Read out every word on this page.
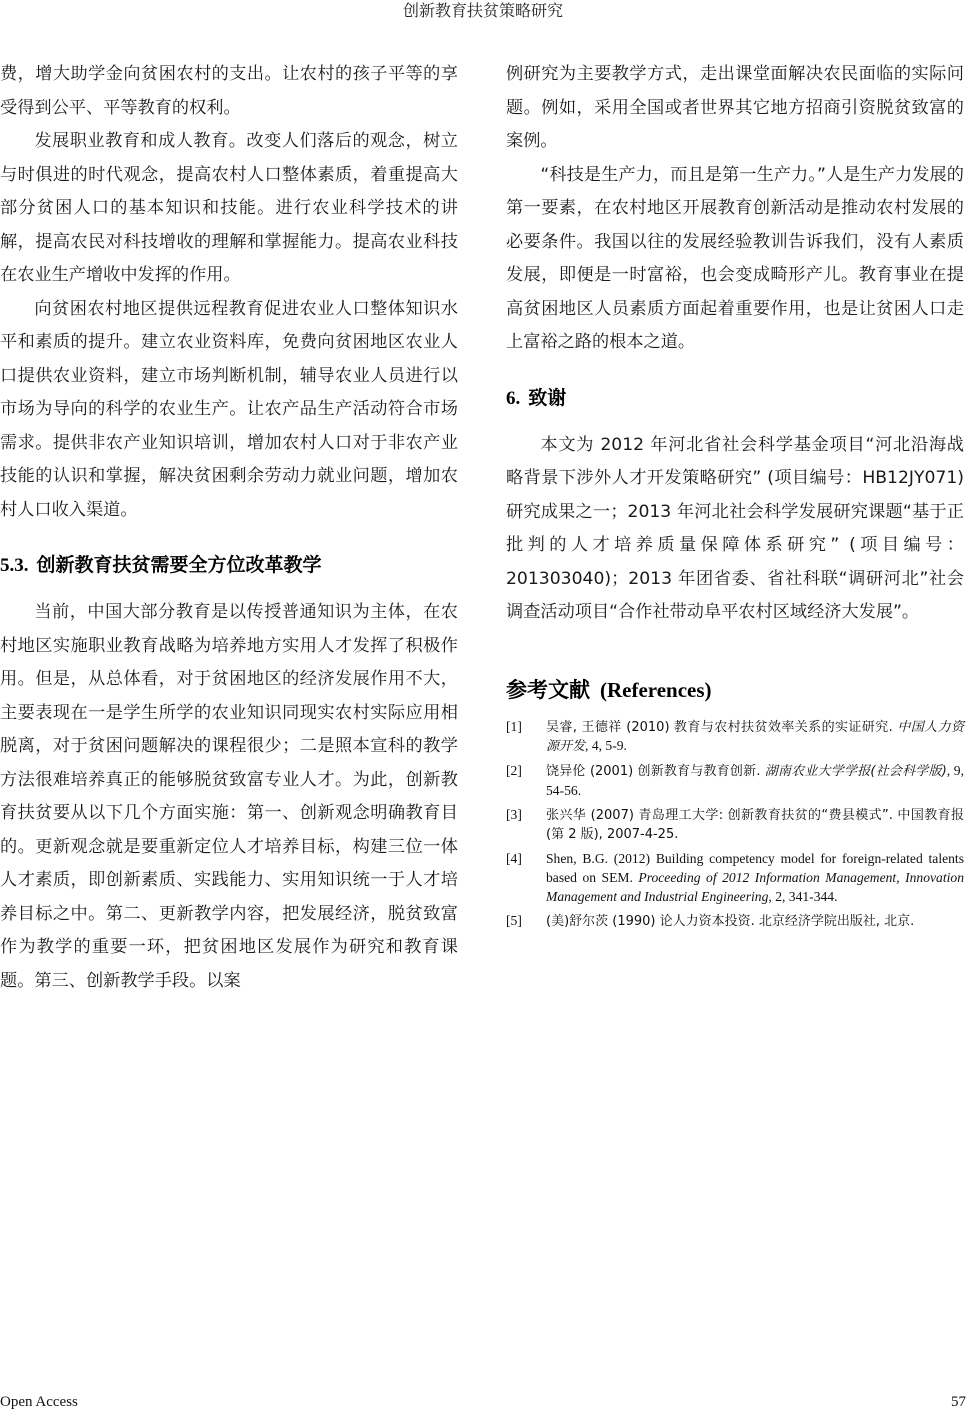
创新教育扶贫策略研究

费，增大助学金向贫困农村的支出。让农村的孩子平等的享受得到公平、平等教育的权利。

发展职业教育和成人教育。改变人们落后的观念，树立与时俱进的时代观念，提高农村人口整体素质，着重提高大部分贫困人口的基本知识和技能。进行农业科学技术的讲解，提高农民对科技增收的理解和掌握能力。提高农业科技在农业生产增收中发挥的作用。

向贫困农村地区提供远程教育促进农业人口整体知识水平和素质的提升。建立农业资料库，免费向贫困地区农业人口提供农业资料，建立市场判断机制，辅导农业人员进行以市场为导向的科学的农业生产。让农产品生产活动符合市场需求。提供非农产业知识培训，增加农村人口对于非农产业技能的认识和掌握，解决贫困剩余劳动力就业问题，增加农村人口收入渠道。

5.3. 创新教育扶贫需要全方位改革教学

当前，中国大部分教育是以传授普通知识为主体，在农村地区实施职业教育战略为培养地方实用人才发挥了积极作用。但是，从总体看，对于贫困地区的经济发展作用不大，主要表现在一是学生所学的农业知识同现实农村实际应用相脱离，对于贫困问题解决的课程很少；二是照本宣科的教学方法很难培养真正的能够脱贫致富专业人才。为此，创新教育扶贫要从以下几个方面实施：第一、创新观念明确教育目的。更新观念就是要重新定位人才培养目标，构建三位一体人才素质，即创新素质、实践能力、实用知识统一于人才培养目标之中。第二、更新教学内容，把发展经济，脱贫致富作为教学的重要一环，把贫困地区发展作为研究和教育课题。第三、创新教学手段。以案

例研究为主要教学方式，走出课堂面解决农民面临的实际问题。例如，采用全国或者世界其它地方招商引资脱贫致富的案例。

“科技是生产力，而且是第一生产力。”人是生产力发展的第一要素，在农村地区开展教育创新活动是推动农村发展的必要条件。我国以往的发展经验教训告诉我们，没有人素质发展，即便是一时富裕，也会变成畸形产儿。教育事业在提高贫困地区人员素质方面起着重要作用，也是让贫困人口走上富裕之路的根本之道。

6. 致谢

本文为 2012 年河北省社会科学基金项目“河北沿海战略背景下涉外人才开发策略研究” (项目编号：HB12JY071)研究成果之一；2013 年河北社会科学发展研究课题“基于正批判的人才培养质量保障体系研究” (项目编号：201303040)；2013 年团省委、省社科联“调研河北”社会调查活动项目“合作社带动阜平农村区域经济大发展”。

参考文献 (References)
[1]	吴睿, 王德祥 (2010) 教育与农村扶贫效率关系的实证研究. 中国人力资源开发, 4, 5-9.
[2]	饶异伦 (2001) 创新教育与教育创新. 湖南农业大学学报(社会科学版), 9, 54-56.
[3]	张兴华 (2007) 青岛理工大学: 创新教育扶贫的“费县模式”. 中国教育报(第 2 版), 2007-4-25.
[4]	Shen, B.G. (2012) Building competency model for foreign-related talents based on SEM. Proceeding of 2012 Information Management, Innovation Management and Industrial Engineering, 2, 341-344.
[5]	(美)舒尔茨 (1990) 论人力资本投资. 北京经济学院出版社, 北京.
Open Access	57
